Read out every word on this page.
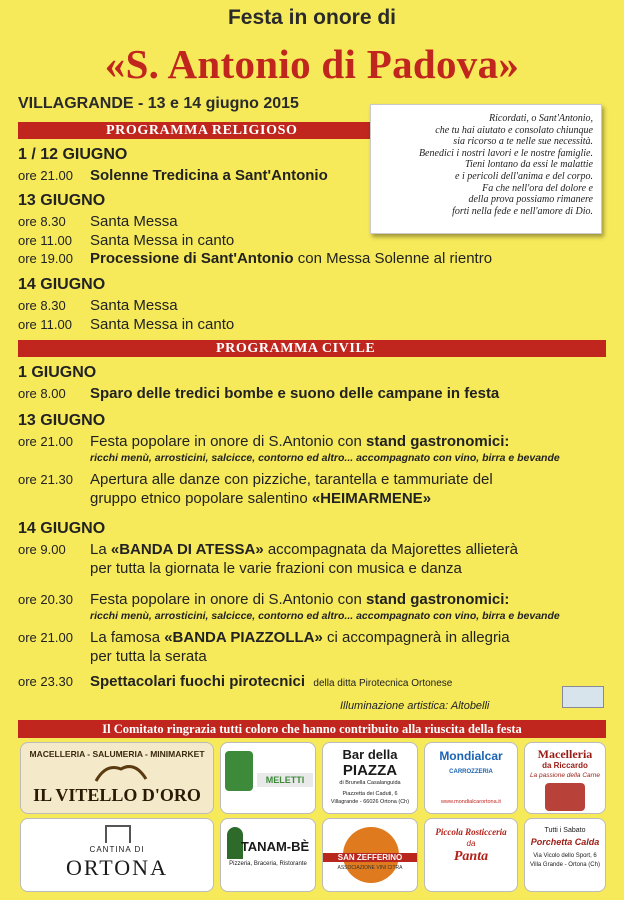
Festa in onore di
«S. Antonio di Padova»
VILLAGRANDE - 13 e 14 giugno 2015
PROGRAMMA RELIGIOSO
Ricordati, o Sant'Antonio,
che tu hai aiutato e consolato chiunque
sia ricorso a te nelle sue necessità.
Benedici i nostri lavori e le nostre famiglie.
Tieni lontano da essi le malattie
e i pericoli dell'anima e del corpo.
Fa che nell'ora del dolore e
della prova possiamo rimanere
forti nella fede e nell'amore di Dio.
1 / 12 GIUGNO
ore 21.00 Solenne Tredicina a Sant'Antonio
13 GIUGNO
ore 8.30 Santa Messa
ore 11.00 Santa Messa in canto
ore 19.00 Processione di Sant'Antonio con Messa Solenne al rientro
14 GIUGNO
ore 8.30 Santa Messa
ore 11.00 Santa Messa in canto
PROGRAMMA CIVILE
1 GIUGNO
ore 8.00 Sparo delle tredici bombe e suono delle campane in festa
13 GIUGNO
ore 21.00 Festa popolare in onore di S.Antonio con stand gastronomici:
ricchi menù, arrosticini, salcicce, contorno ed altro... accompagnato con vino, birra e bevande
ore 21.30 Apertura alle danze con pizziche, tarantella e tammuriate del
gruppo etnico popolare salentino «HEIMARMENE»
14 GIUGNO
ore 9.00 La «BANDA DI ATESSA» accompagnata da Majorettes allieterà
per tutta la giornata le varie frazioni con musica e danza
ore 20.30 Festa popolare in onore di S.Antonio con stand gastronomici:
ricchi menù, arrosticini, salcicce, contorno ed altro... accompagnato con vino, birra e bevande
ore 21.00 La famosa «BANDA PIAZZOLLA» ci accompagnerà in allegria
per tutta la serata
ore 23.30 Spettacolari fuochi pirotecnici della ditta Pirotecnica Ortonese
Illuminazione artistica: Altobelli
Il Comitato ringrazia tutti coloro che hanno contribuito alla riuscita della festa
MACELLERIA - SALUMERIA - MINIMARKET
IL VITELLO D'ORO
MELETTI
Bar della
PIAZZA
di Brunella Casalanguida
Piazzetta dei Caduti, 6
Villagrande - 66026 Ortona (Ch)
Mondialcar
CARROZZERIA
www.mondialcarortona.it
Macelleria
da Riccardo
La passione della Carne
CANTINA DI
ORTONA
TANAM-BÈ
Pizzeria, Braceria, Ristorante
SAN ZEFFERINO
ASSOCIAZIONE VINI CITRA
Piccola Rosticceria
da
Panta
Tutti i Sabato
Porchetta Calda
Via Vicolo dello Sport, 6
Villa Grande - Ortona (Ch)
